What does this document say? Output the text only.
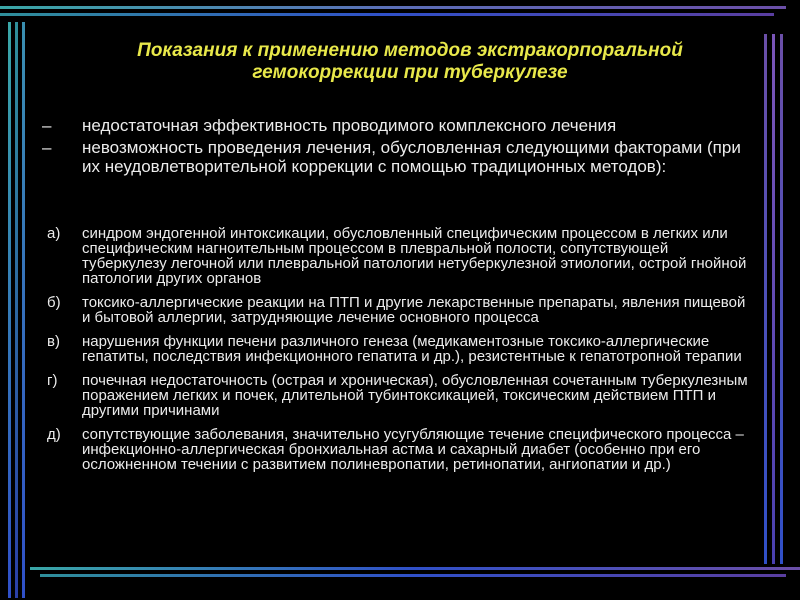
Показания к применению методов экстракорпоральной
гемокоррекции при туберкулезе
– недостаточная эффективность проводимого комплексного лечения
– невозможность проведения лечения, обусловленная следующими факторами (при их неудовлетворительной коррекции с помощью традиционных методов):
а) синдром эндогенной интоксикации, обусловленный специфическим процессом в легких или специфическим нагноительным процессом в плевральной полости, сопутствующей туберкулезу легочной или плевральной патологии нетуберкулезной этиологии, острой гнойной патологии других органов
б) токсико-аллергические реакции на ПТП и другие лекарственные препараты, явления пищевой и бытовой аллергии, затрудняющие лечение основного процесса
в) нарушения функции печени различного генеза (медикаментозные токсико-аллергические гепатиты, последствия инфекционного гепатита и др.), резистентные к гепатотропной терапии
г) почечная недостаточность (острая и хроническая), обусловленная сочетанным туберкулезным поражением легких и почек, длительной тубинтоксикацией, токсическим действием ПТП и другими причинами
д) сопутствующие заболевания, значительно усугубляющие течение специфического процесса – инфекционно-аллергическая бронхиальная астма и сахарный диабет (особенно при его осложненном течении с развитием полиневропатии, ретинопатии, ангиопатии и др.)
